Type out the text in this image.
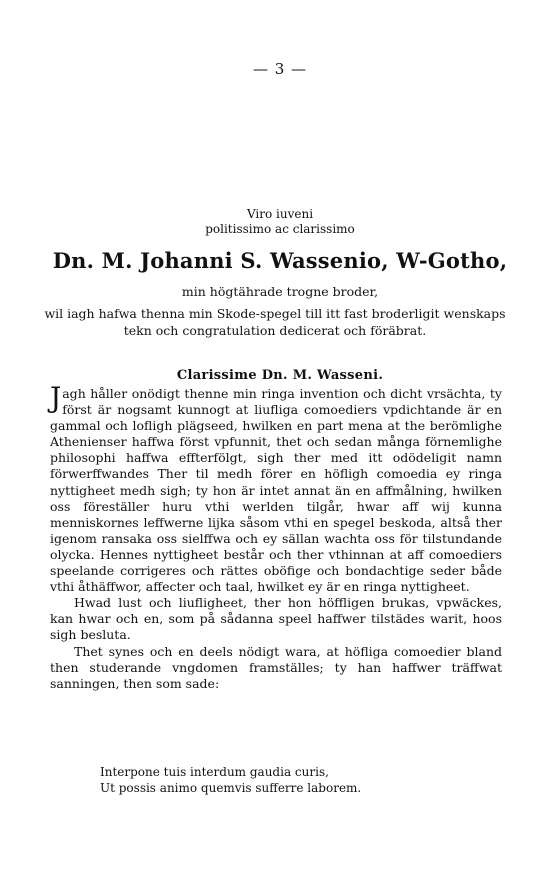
— 3 —
Viro iuveni
politissimo ac clarissimo
Dn. M. Johanni S. Wassenio, W-Gotho,
min högtährade trogne broder,
wil iagh hafwa thenna min Skode-spegel till itt fast broderligit wenskaps tekn och congratulation dedicerat och föräbrat.
Clarissime Dn. M. Wasseni.

Jagh håller onödigt thenne min ringa invention och dicht vrsächta, ty först är nogsamt kunnogt at liufliga comoediers vpdichtande är en gammal och lofligh plägseed, hwilken en part mena at the berömlighe Athenienser haffwa först vpfunnit, thet och sedan många förnemlighe philosophi haffwa effterfölgt, sigh ther med itt odödeligit namn förwerffwandes Ther til medh förer en höfligh comoedia ey ringa nyttigheet medh sigh; ty hon är intet annat än en affmålning, hwilken oss föreställer huru vthi werlden tilgår, hwar aff wij kunna menniskornes leffwerne lijka såsom vthi en spegel beskoda, altså ther igenom ransaka oss sielffwa och ey sällan wachta oss för tilstundande olycka. Hennes nyttigheet består och ther vthinnan at aff comoediers speelande corrigeres och rättes oböfige och bondachtige seder både vthi åthäffwor, affecter och taal, hwilket ey är en ringa nyttigheet.

Hwad lust och liufligheet, ther hon höffligen brukas, vpwäckes, kan hwar och en, som på sådanna speel haffwer tilstädes warit, hoos sigh besluta.

Thet synes och en deels nödigt wara, at höfliga comoedier bland then studerande vngdomen framställes; ty han haffwer träffwat sanningen, then som sade:

Interpone tuis interdum gaudia curis,
Ut possis animo quemvis sufferre laborem.
